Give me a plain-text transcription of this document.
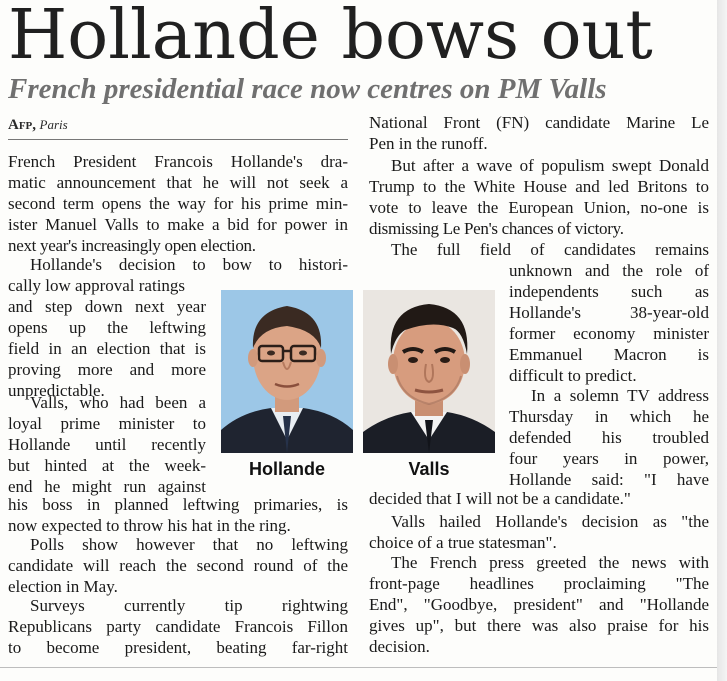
Hollande bows out
French presidential race now centres on PM Valls
Afp, Paris
French President Francois Hollande's dra-
matic announcement that he will not seek a
second term opens the way for his prime min-
ister Manuel Valls to make a bid for power in
next year's increasingly open election.
Hollande's decision to bow to histori-
cally low approval ratings
and step down next year
opens up the leftwing
field in an election that is
proving more and more
unpredictable.
Valls, who had been a
loyal prime minister to
Hollande until recently
but hinted at the week-
end he might run against
his boss in planned leftwing primaries, is
now expected to throw his hat in the ring.
Polls show however that no leftwing
candidate will reach the second round of the
election in May.
Surveys currently tip rightwing
Republicans party candidate Francois Fillon
to become president, beating far-right
Hollande	Valls
National Front (FN) candidate Marine Le
Pen in the runoff.
But after a wave of populism swept Donald
Trump to the White House and led Britons to
vote to leave the European Union, no-one is
dismissing Le Pen's chances of victory.
The full field of candidates remains
unknown and the role of
independents such as
Hollande's 38-year-old
former economy minister
Emmanuel Macron is
difficult to predict.
In a solemn TV address
Thursday in which he
defended his troubled
four years in power,
Hollande said: "I have
decided that I will not be a candidate."
Valls hailed Hollande's decision as "the
choice of a true statesman".
The French press greeted the news with
front-page headlines proclaiming "The
End", "Goodbye, president" and "Hollande
gives up", but there was also praise for his
decision.
